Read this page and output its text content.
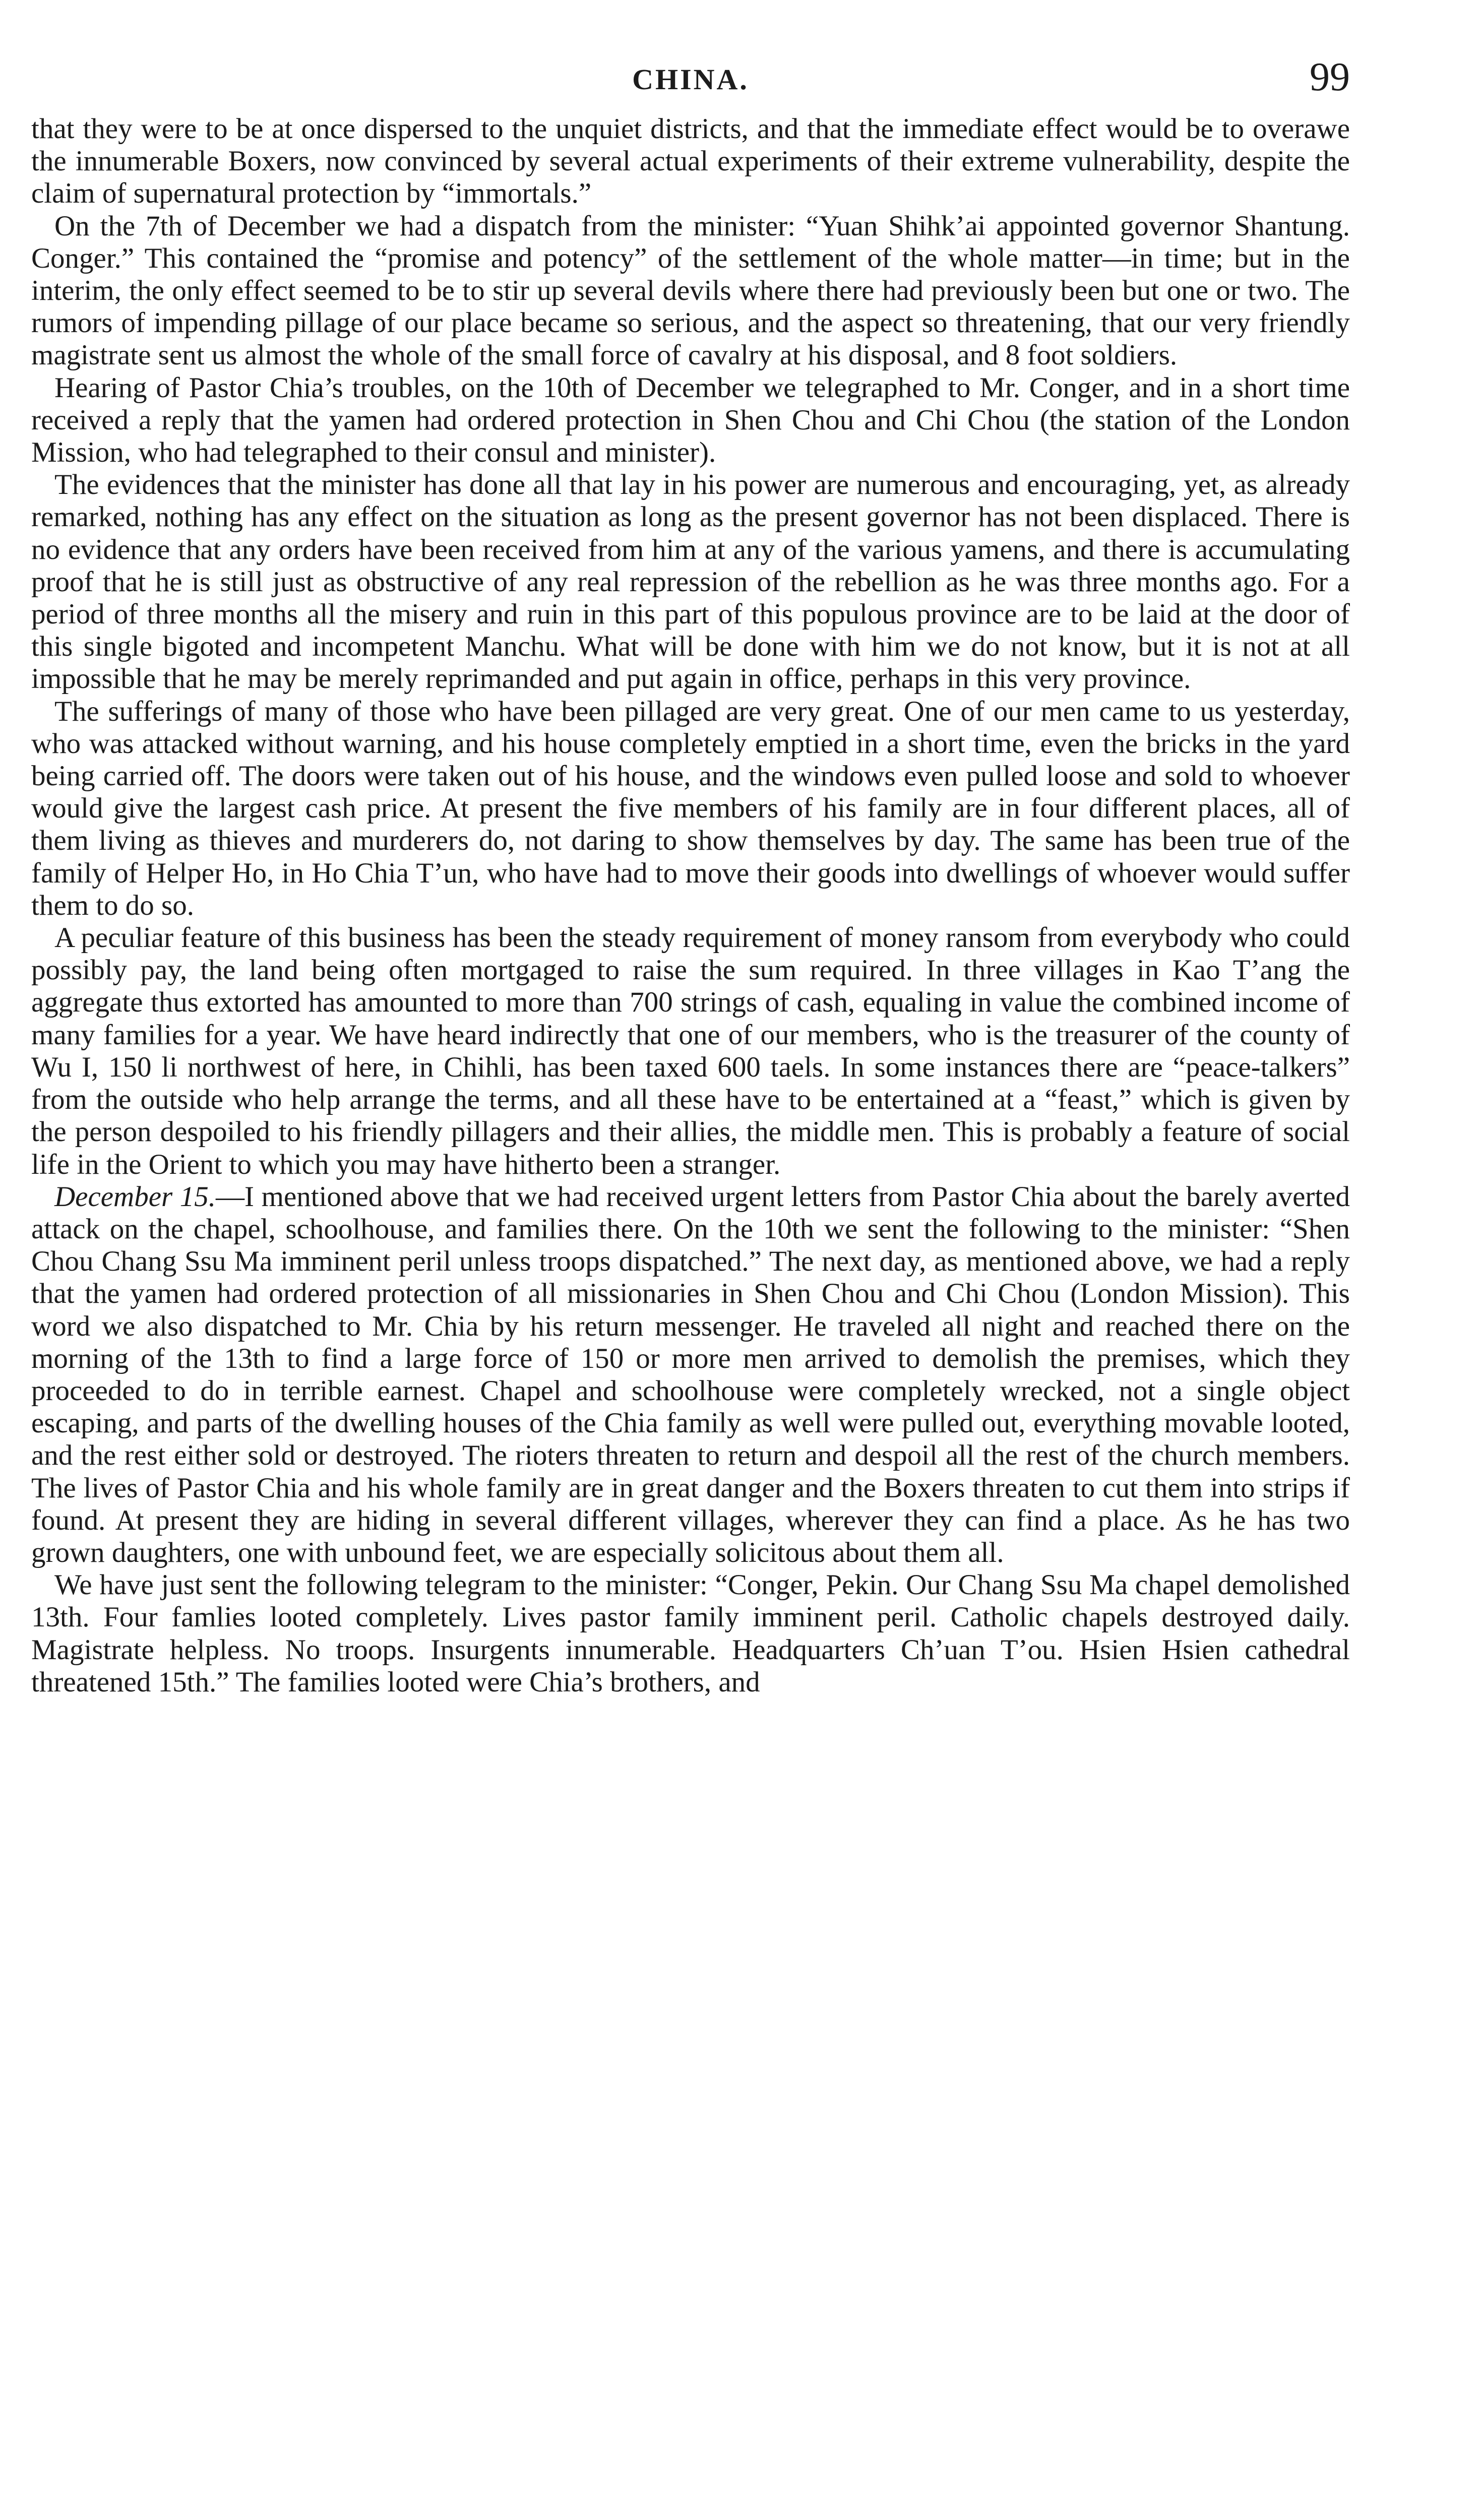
CHINA.	99

that they were to be at once dispersed to the unquiet districts, and that the immediate effect would be to overawe the innumerable Boxers, now convinced by several actual experiments of their extreme vulnerability, despite the claim of supernatural protection by “immortals.”

On the 7th of December we had a dispatch from the minister: “Yuan Shihk’ai appointed governor Shantung. Conger.” This contained the “promise and potency” of the settlement of the whole matter—in time; but in the interim, the only effect seemed to be to stir up several devils where there had previously been but one or two. The rumors of impending pillage of our place became so serious, and the aspect so threatening, that our very friendly magistrate sent us almost the whole of the small force of cavalry at his disposal, and 8 foot soldiers.

Hearing of Pastor Chia’s troubles, on the 10th of December we telegraphed to Mr. Conger, and in a short time received a reply that the yamen had ordered protection in Shen Chou and Chi Chou (the station of the London Mission, who had telegraphed to their consul and minister).

The evidences that the minister has done all that lay in his power are numerous and encouraging, yet, as already remarked, nothing has any effect on the situation as long as the present governor has not been displaced. There is no evidence that any orders have been received from him at any of the various yamens, and there is accumulating proof that he is still just as obstructive of any real repression of the rebellion as he was three months ago. For a period of three months all the misery and ruin in this part of this populous province are to be laid at the door of this single bigoted and incompetent Manchu. What will be done with him we do not know, but it is not at all impossible that he may be merely reprimanded and put again in office, perhaps in this very province.

The sufferings of many of those who have been pillaged are very great. One of our men came to us yesterday, who was attacked without warning, and his house completely emptied in a short time, even the bricks in the yard being carried off. The doors were taken out of his house, and the windows even pulled loose and sold to whoever would give the largest cash price. At present the five members of his family are in four different places, all of them living as thieves and murderers do, not daring to show themselves by day. The same has been true of the family of Helper Ho, in Ho Chia T’un, who have had to move their goods into dwellings of whoever would suffer them to do so.

A peculiar feature of this business has been the steady requirement of money ransom from everybody who could possibly pay, the land being often mortgaged to raise the sum required. In three villages in Kao T’ang the aggregate thus extorted has amounted to more than 700 strings of cash, equaling in value the combined income of many families for a year. We have heard indirectly that one of our members, who is the treasurer of the county of Wu I, 150 li northwest of here, in Chihli, has been taxed 600 taels. In some instances there are “peace-talkers” from the outside who help arrange the terms, and all these have to be entertained at a “feast,” which is given by the person despoiled to his friendly pillagers and their allies, the middle men. This is probably a feature of social life in the Orient to which you may have hitherto been a stranger.

December 15.—I mentioned above that we had received urgent letters from Pastor Chia about the barely averted attack on the chapel, schoolhouse, and families there. On the 10th we sent the following to the minister: “Shen Chou Chang Ssu Ma imminent peril unless troops dispatched.” The next day, as mentioned above, we had a reply that the yamen had ordered protection of all missionaries in Shen Chou and Chi Chou (London Mission). This word we also dispatched to Mr. Chia by his return messenger. He traveled all night and reached there on the morning of the 13th to find a large force of 150 or more men arrived to demolish the premises, which they proceeded to do in terrible earnest. Chapel and schoolhouse were completely wrecked, not a single object escaping, and parts of the dwelling houses of the Chia family as well were pulled out, everything movable looted, and the rest either sold or destroyed. The rioters threaten to return and despoil all the rest of the church members. The lives of Pastor Chia and his whole family are in great danger and the Boxers threaten to cut them into strips if found. At present they are hiding in several different villages, wherever they can find a place. As he has two grown daughters, one with unbound feet, we are especially solicitous about them all.

We have just sent the following telegram to the minister: “Conger, Pekin. Our Chang Ssu Ma chapel demolished 13th. Four famlies looted completely. Lives pastor family imminent peril. Catholic chapels destroyed daily. Magistrate helpless. No troops. Insurgents innumerable. Headquarters Ch’uan T’ou. Hsien Hsien cathedral threatened 15th.” The families looted were Chia’s brothers, and
